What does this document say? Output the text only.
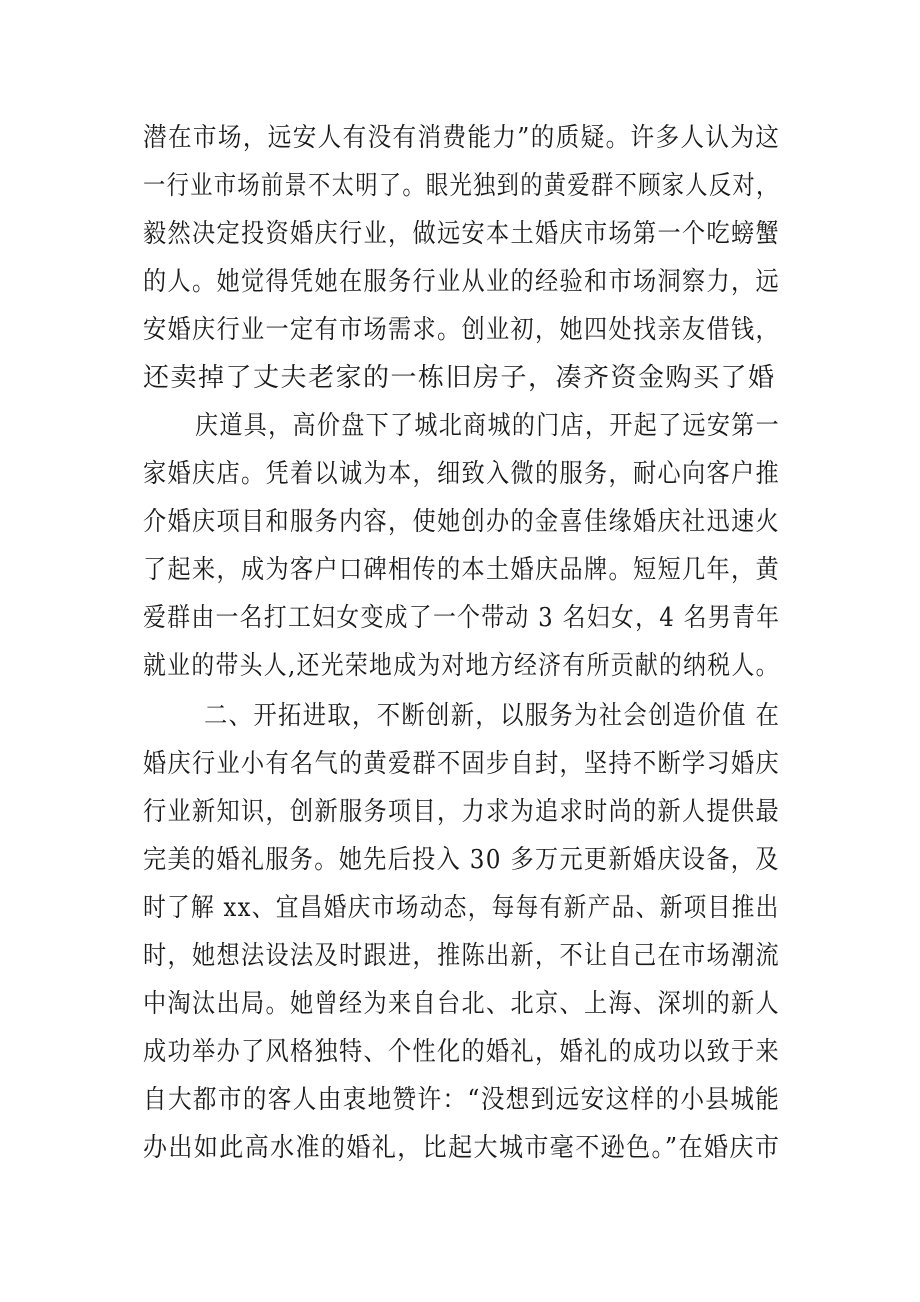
潜在市场，远安人有没有消费能力”的质疑。许多人认为这

一行业市场前景不太明了。眼光独到的黄爱群不顾家人反对，

毅然决定投资婚庆行业，做远安本土婚庆市场第一个吃螃蟹

的人。她觉得凭她在服务行业从业的经验和市场洞察力，远

安婚庆行业一定有市场需求。创业初，她四处找亲友借钱，

还卖掉了丈夫老家的一栋旧房子，凑齐资金购买了婚

庆道具，高价盘下了城北商城的门店，开起了远安第一

家婚庆店。凭着以诚为本，细致入微的服务，耐心向客户推

介婚庆项目和服务内容，使她创办的金喜佳缘婚庆社迅速火

了起来，成为客户口碑相传的本土婚庆品牌。短短几年，黄

爱群由一名打工妇女变成了一个带动 3 名妇女，4 名男青年

就业的带头人,还光荣地成为对地方经济有所贡献的纳税人。

二、开拓进取，不断创新，以服务为社会创造价值 在

婚庆行业小有名气的黄爱群不固步自封，坚持不断学习婚庆

行业新知识，创新服务项目，力求为追求时尚的新人提供最

完美的婚礼服务。她先后投入 30 多万元更新婚庆设备，及

时了解 xx、宜昌婚庆市场动态，每每有新产品、新项目推出

时，她想法设法及时跟进，推陈出新，不让自己在市场潮流

中淘汰出局。她曾经为来自台北、北京、上海、深圳的新人

成功举办了风格独特、个性化的婚礼，婚礼的成功以致于来

自大都市的客人由衷地赞许：“没想到远安这样的小县城能

办出如此高水准的婚礼，比起大城市毫不逊色。”在婚庆市
